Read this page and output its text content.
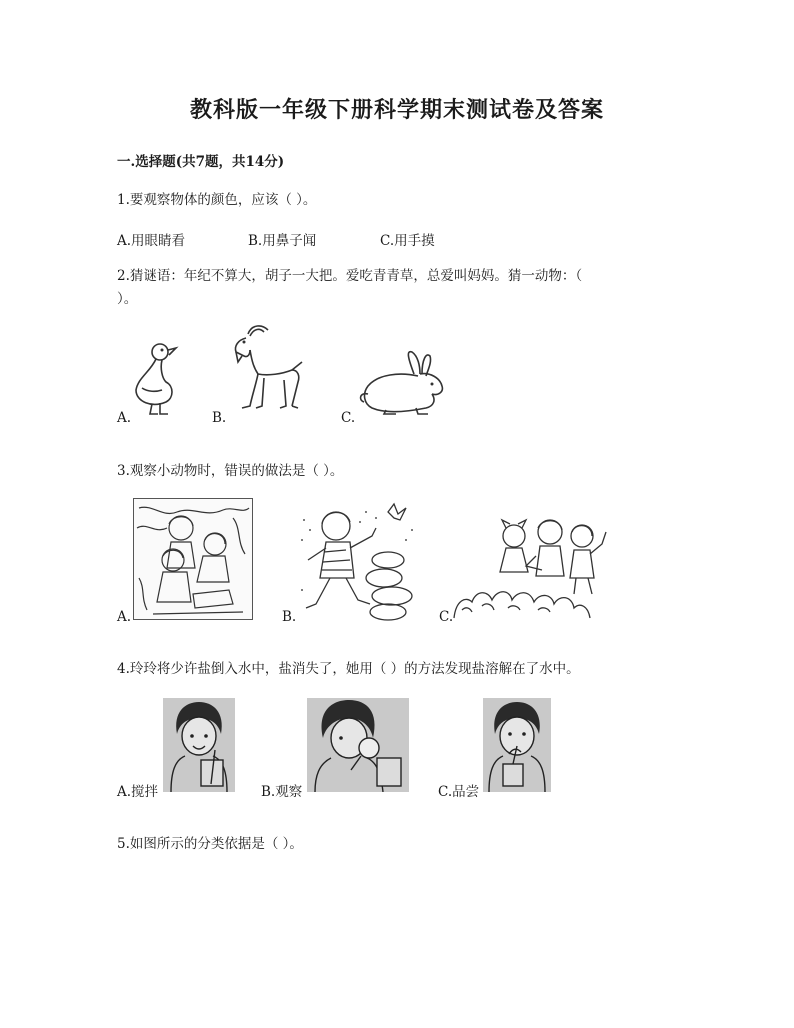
教科版一年级下册科学期末测试卷及答案
一.选择题(共7题，共14分)
1.要观察物体的颜色，应该（ ）。
A.用眼睛看	B.用鼻子闻	C.用手摸
2.猜谜语：年纪不算大，胡子一大把。爱吃青青草，总爱叫妈妈。猜一动物：（
）。
A.	B.	C.
3.观察小动物时，错误的做法是（ ）。
A.	B.	C.
4.玲玲将少许盐倒入水中，盐消失了，她用（ ）的方法发现盐溶解在了水中。
A.搅拌	B.观察	C.品尝
5.如图所示的分类依据是（ ）。
